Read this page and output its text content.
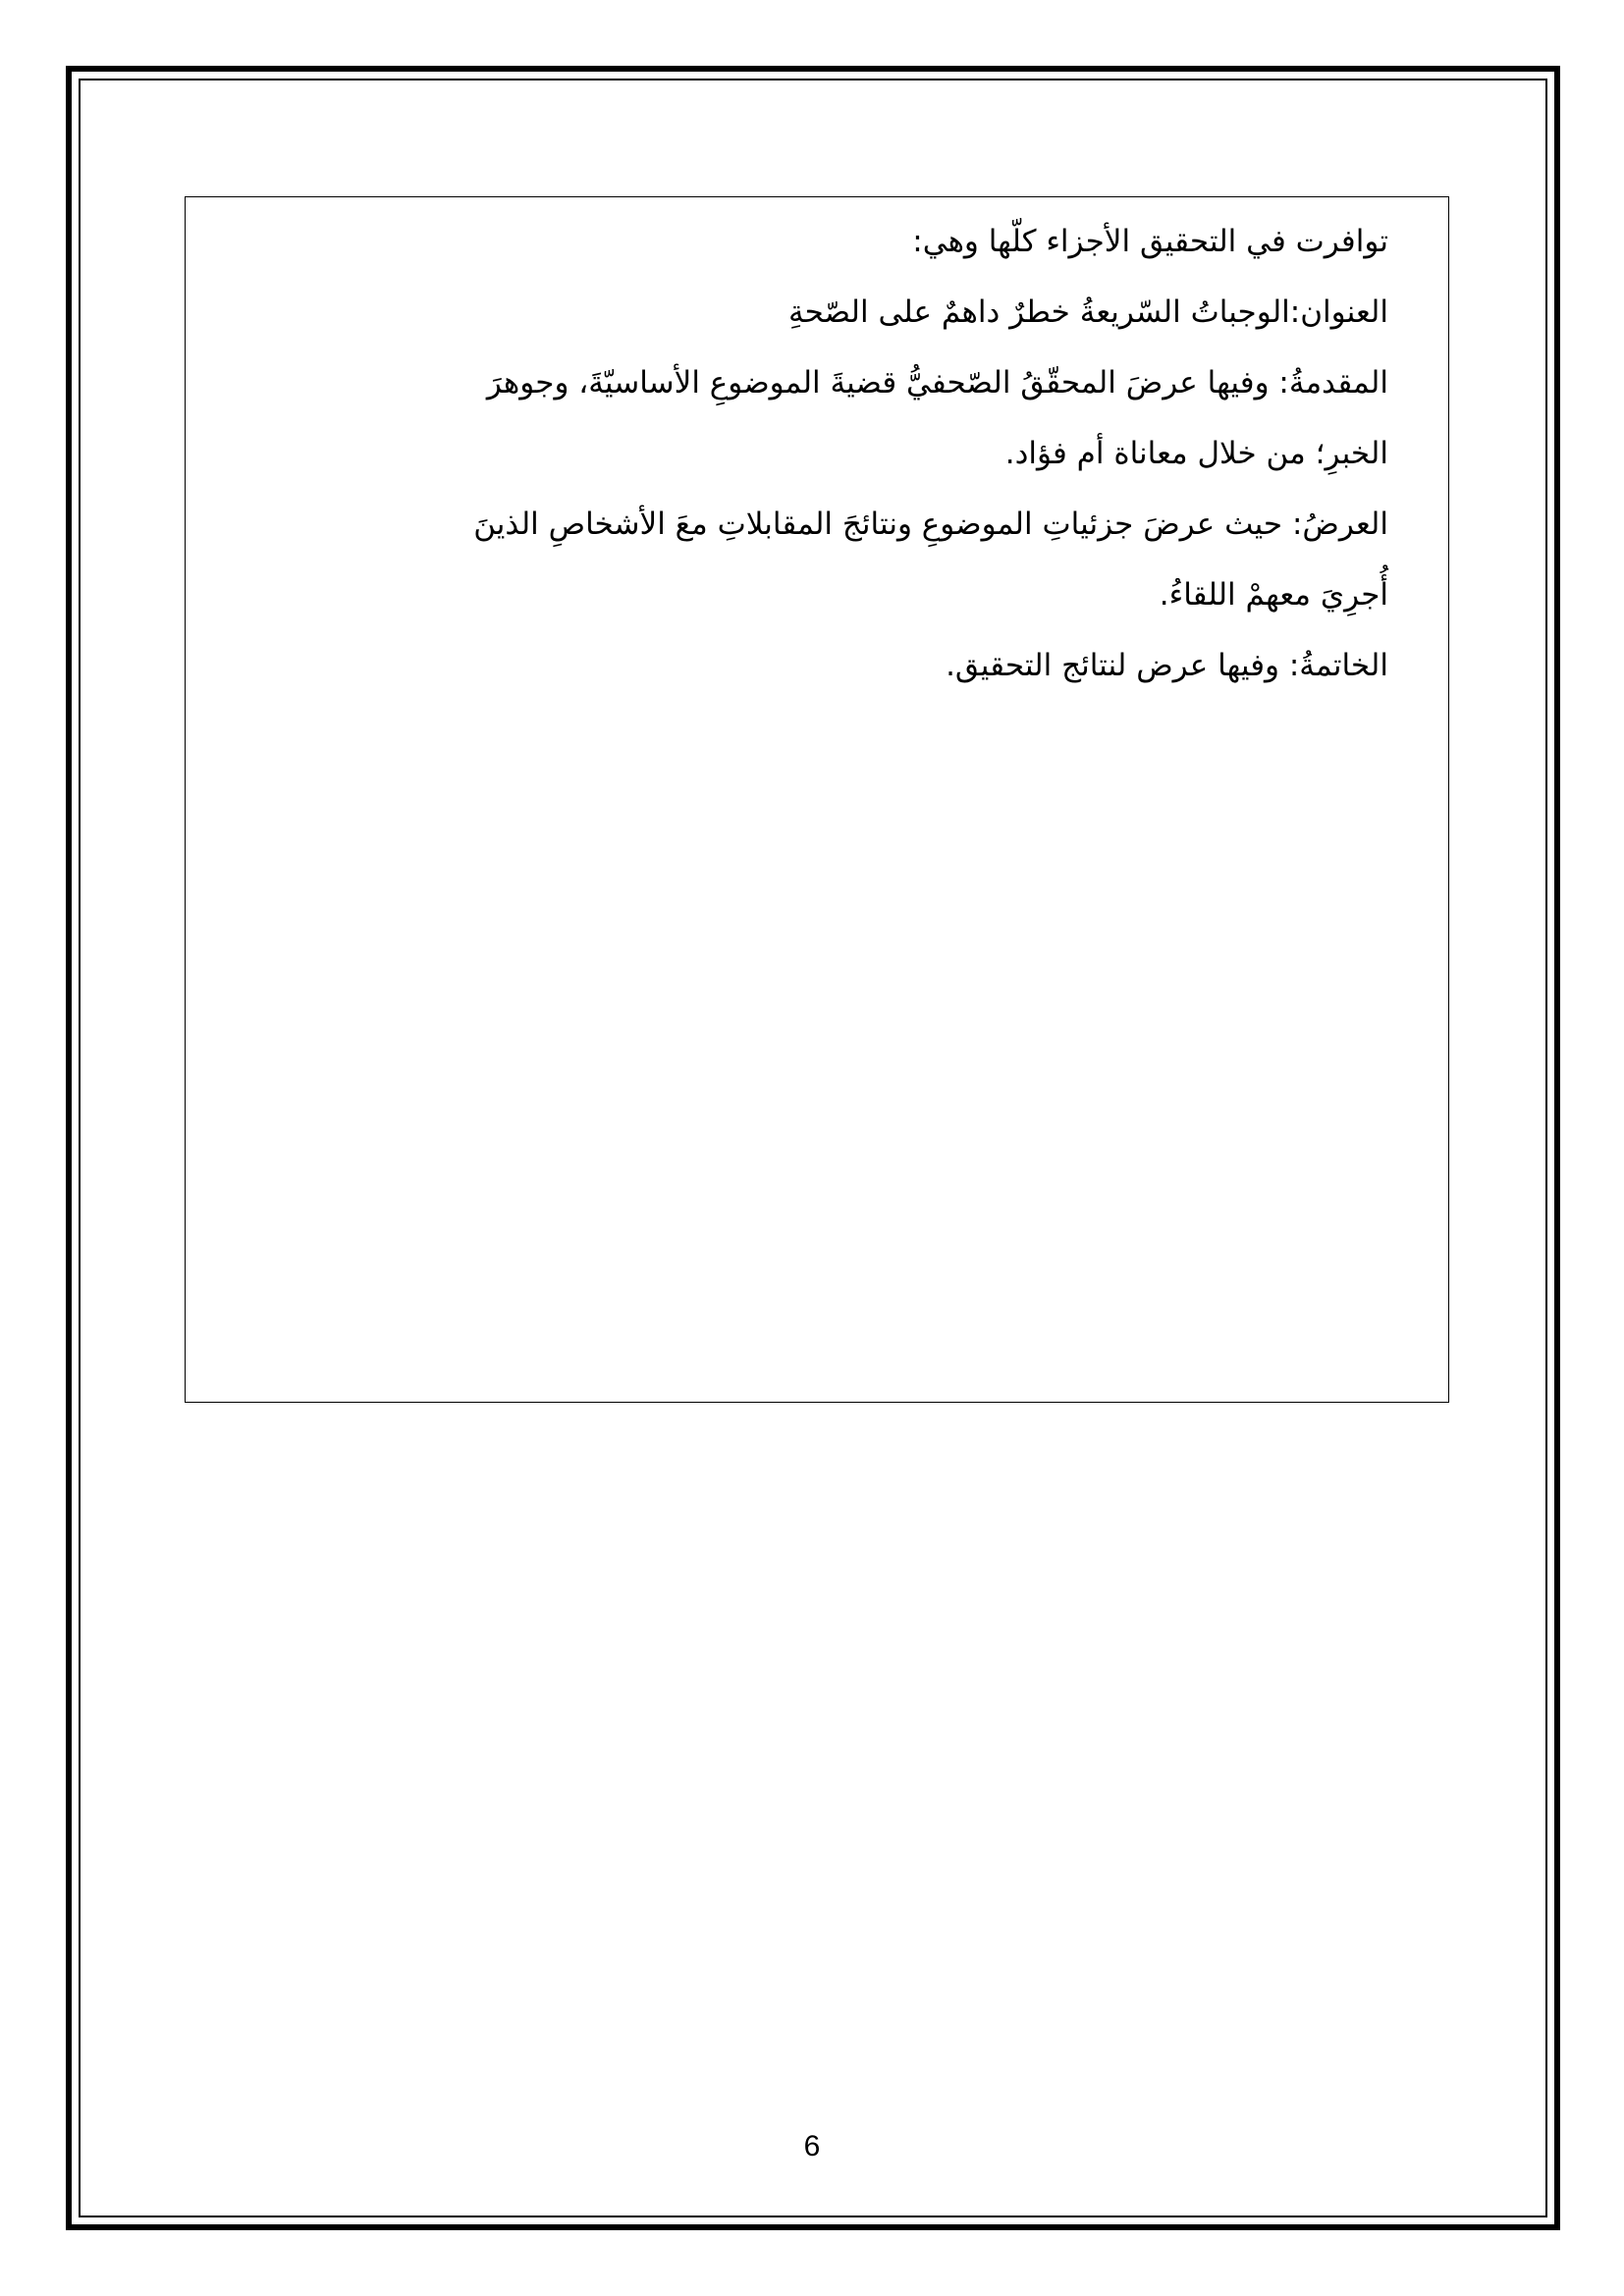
توافرت في التحقيق الأجزاء كلّها وهي:

العنوان:الوجباتُ السّريعةُ خطرٌ داهمٌ على الصّحةِ

المقدمةُ: وفيها عرضَ المحقّقُ الصّحفيُّ قضيةَ الموضوعِ الأساسيّةَ، وجوهرَ

الخبرِ؛ من خلال معاناة أم فؤاد.

العرضُ: حيث عرضَ جزئياتِ الموضوعِ ونتائجَ المقابلاتِ معَ الأشخاصِ الذينَ

أُجرِيَ معهمْ اللقاءُ.

الخاتمةُ: وفيها عرض لنتائج التحقيق.

6
